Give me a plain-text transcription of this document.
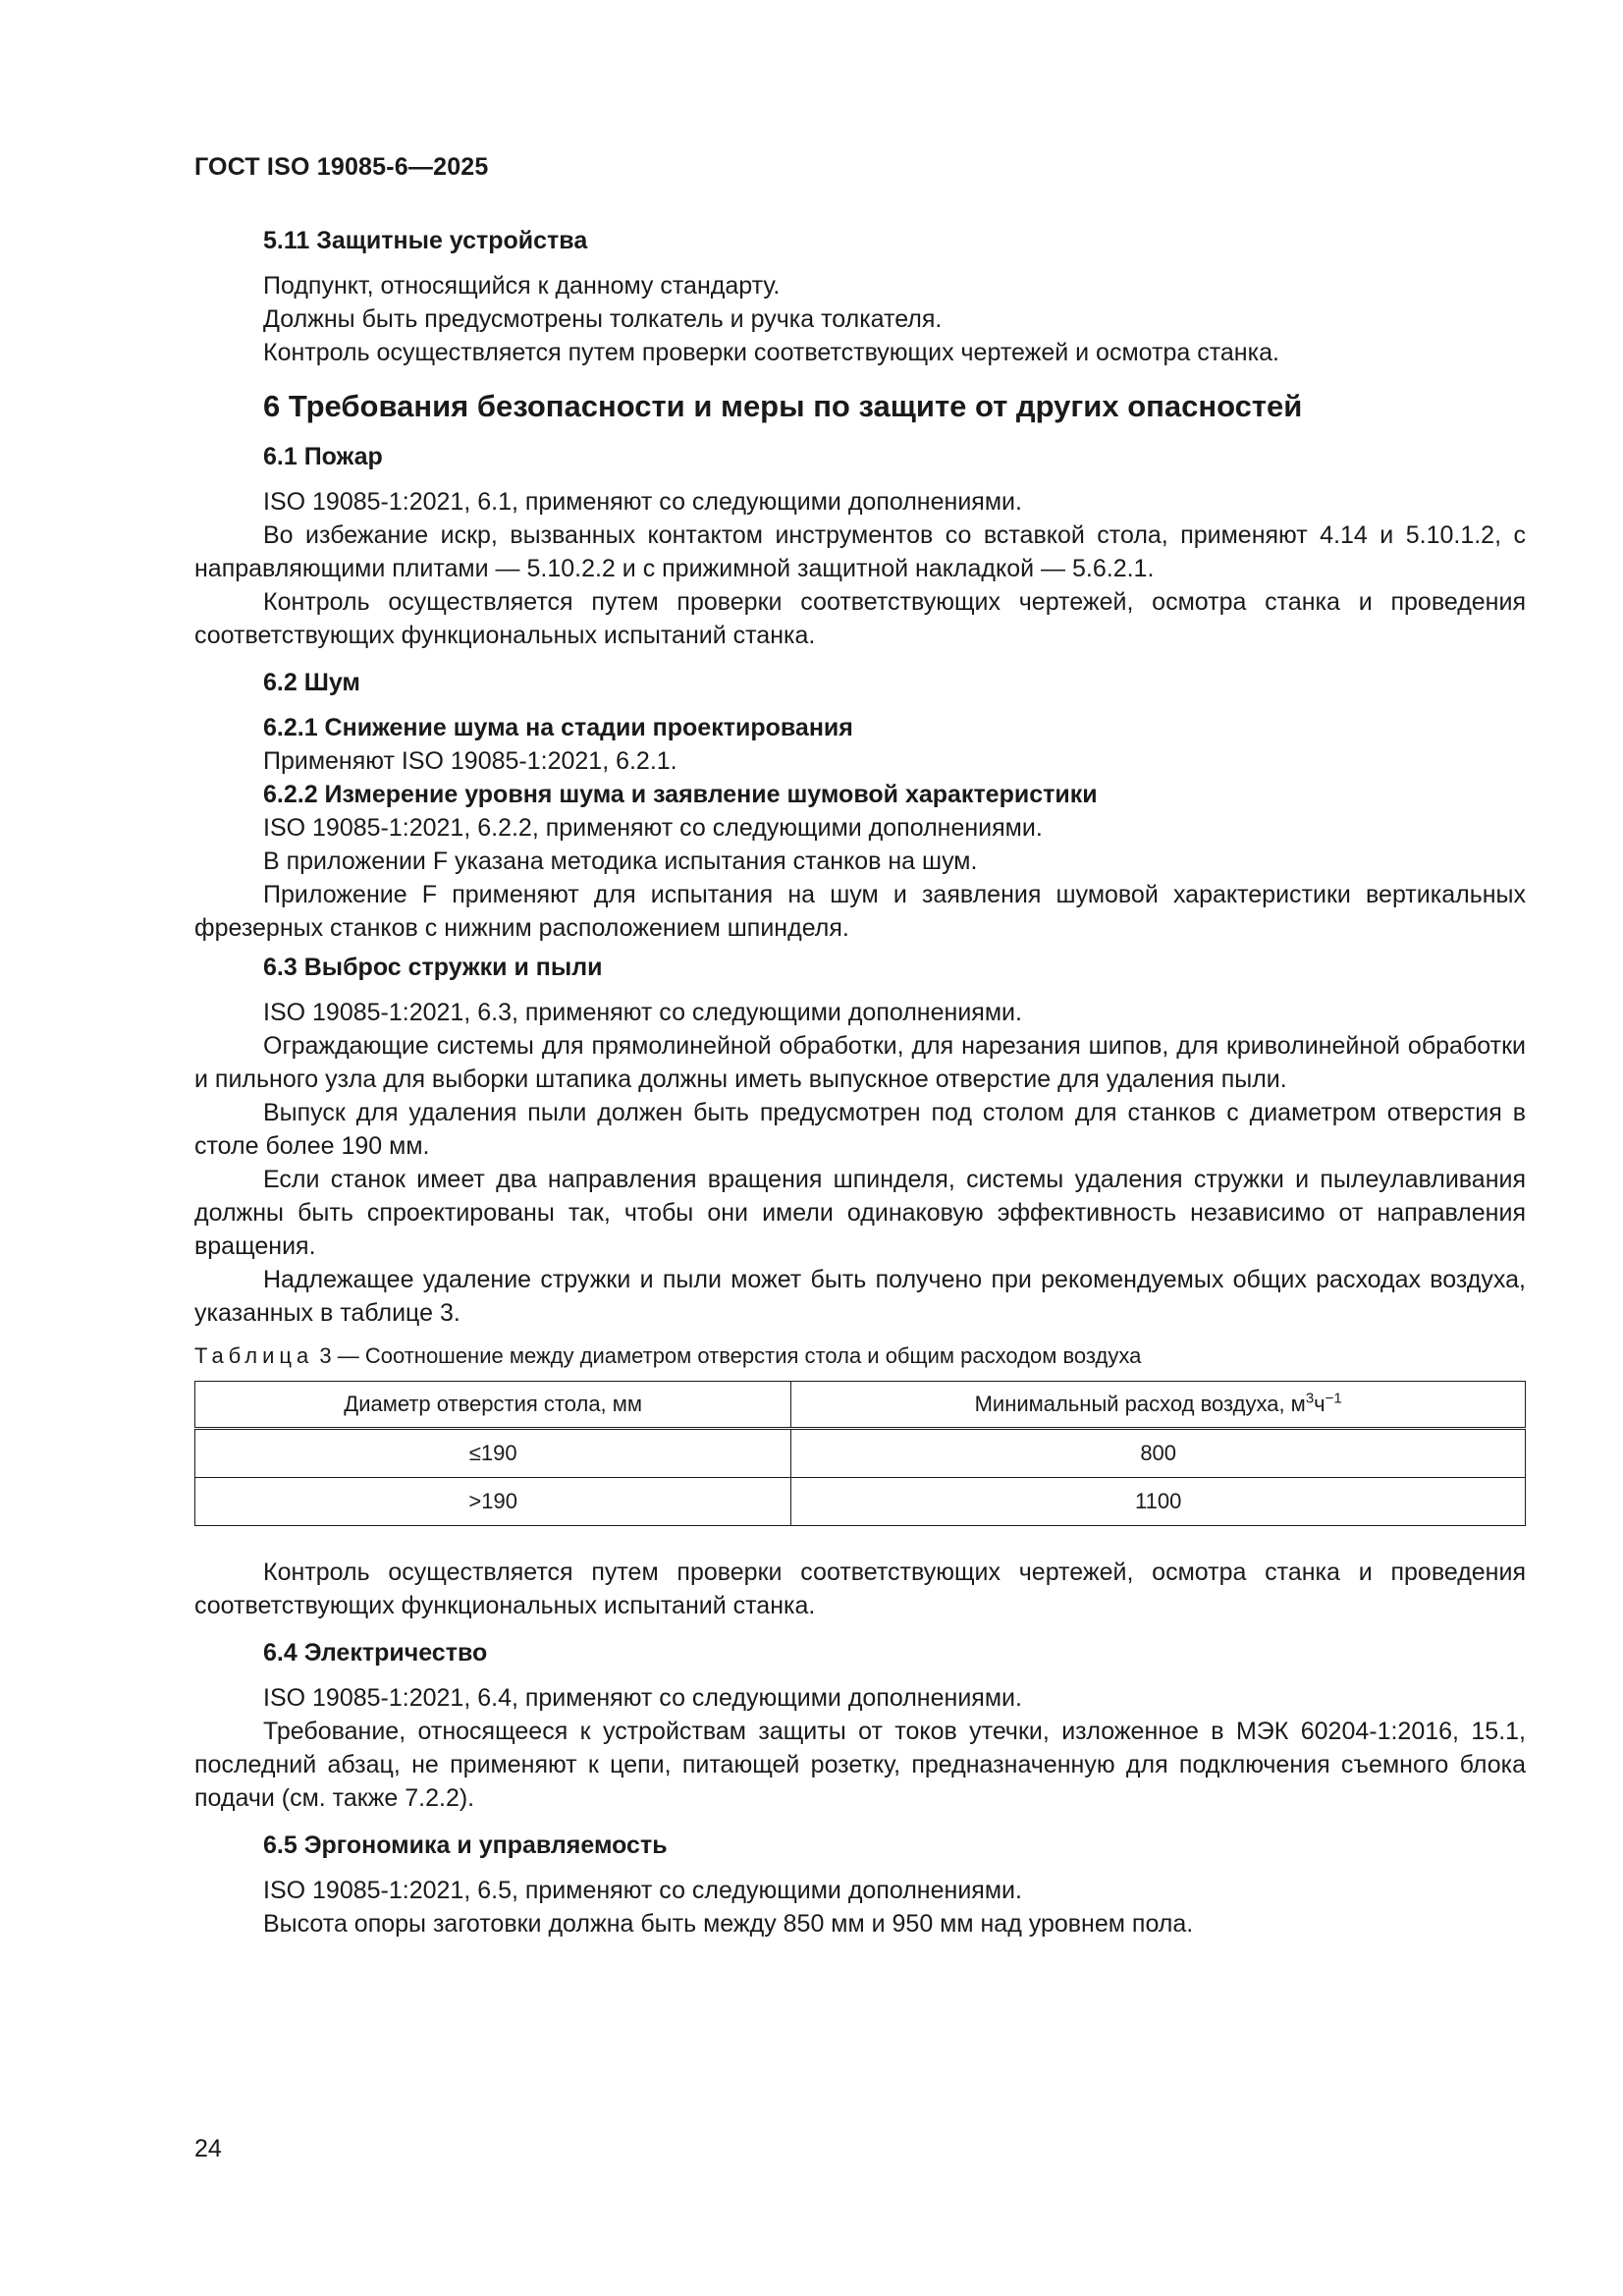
ГОСТ ISO 19085-6—2025
5.11 Защитные устройства
Подпункт, относящийся к данному стандарту.
Должны быть предусмотрены толкатель и ручка толкателя.
Контроль осуществляется путем проверки соответствующих чертежей и осмотра станка.
6 Требования безопасности и меры по защите от других опасностей
6.1 Пожар
ISO 19085-1:2021, 6.1, применяют со следующими дополнениями.
Во избежание искр, вызванных контактом инструментов со вставкой стола, применяют 4.14 и 5.10.1.2, с направляющими плитами — 5.10.2.2 и с прижимной защитной накладкой — 5.6.2.1.
Контроль осуществляется путем проверки соответствующих чертежей, осмотра станка и проведения соответствующих функциональных испытаний станка.
6.2 Шум
6.2.1 Снижение шума на стадии проектирования
Применяют ISO 19085-1:2021, 6.2.1.
6.2.2 Измерение уровня шума и заявление шумовой характеристики
ISO 19085-1:2021, 6.2.2, применяют со следующими дополнениями.
В приложении F указана методика испытания станков на шум.
Приложение F применяют для испытания на шум и заявления шумовой характеристики вертикальных фрезерных станков с нижним расположением шпинделя.
6.3 Выброс стружки и пыли
ISO 19085-1:2021, 6.3, применяют со следующими дополнениями.
Ограждающие системы для прямолинейной обработки, для нарезания шипов, для криволинейной обработки и пильного узла для выборки штапика должны иметь выпускное отверстие для удаления пыли.
Выпуск для удаления пыли должен быть предусмотрен под столом для станков с диаметром отверстия в столе более 190 мм.
Если станок имеет два направления вращения шпинделя, системы удаления стружки и пылеулавливания должны быть спроектированы так, чтобы они имели одинаковую эффективность независимо от направления вращения.
Надлежащее удаление стружки и пыли может быть получено при рекомендуемых общих расходах воздуха, указанных в таблице 3.
Таблица 3 — Соотношение между диаметром отверстия стола и общим расходом воздуха
Диаметр отверстия стола, мм	Минимальный расход воздуха, $м^3ч^{-1}$
≤190	800
>190	1100
Контроль осуществляется путем проверки соответствующих чертежей, осмотра станка и проведения соответствующих функциональных испытаний станка.
6.4 Электричество
ISO 19085-1:2021, 6.4, применяют со следующими дополнениями.
Требование, относящееся к устройствам защиты от токов утечки, изложенное в МЭК 60204-1:2016, 15.1, последний абзац, не применяют к цепи, питающей розетку, предназначенную для подключения съемного блока подачи (см. также 7.2.2).
6.5 Эргономика и управляемость
ISO 19085-1:2021, 6.5, применяют со следующими дополнениями.
Высота опоры заготовки должна быть между 850 мм и 950 мм над уровнем пола.
24
